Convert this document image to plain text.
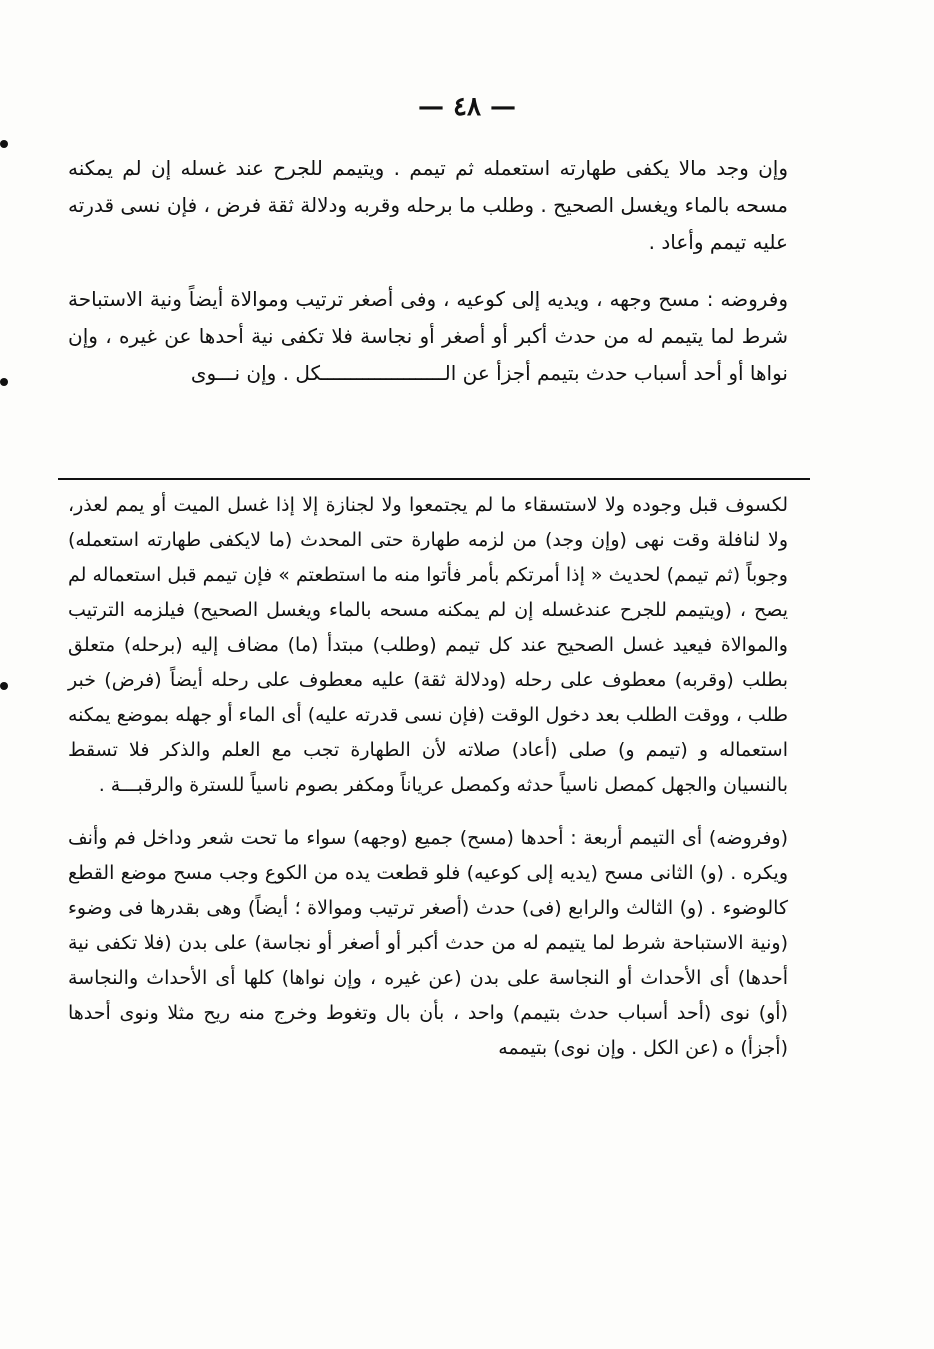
— ٤٨ —

وإن وجد مالا يكفى طهارته استعمله ثم تيمم . ويتيمم للجرح عند غسله إن لم يمكنه مسحه بالماء ويغسل الصحيح . وطلب ما برحله وقربه ودلالة ثقة فرض ، فإن نسى قدرته عليه تيمم وأعاد .

وفروضه : مسح وجهه ، ويديه إلى كوعيه ، وفى أصغر ترتيب وموالاة أيضاً ونية الاستباحة شرط لما يتيمم له من حدث أكبر أو أصغر أو نجاسة فلا تكفى نية أحدها عن غيره ، وإن نواها أو أحد أسباب حدث بتيمم أجزأ عن الـــــــــــــــــــــكل . وإن نـــوى

لكسوف قبل وجوده ولا لاستسقاء ما لم يجتمعوا ولا لجنازة إلا إذا غسل الميت أو يمم لعذر، ولا لنافلة وقت نهى (وإن وجد) من لزمه طهارة حتى المحدث (ما لايكفى طهارته استعمله) وجوباً (ثم تيمم) لحديث « إذا أمرتكم بأمر فأتوا منه ما استطعتم » فإن تيمم قبل استعماله لم يصح ، (ويتيمم للجرح عندغسله إن لم يمكنه مسحه بالماء ويغسل الصحيح) فيلزمه الترتيب والموالاة فيعيد غسل الصحيح عند كل تيمم (وطلب) مبتدأ (ما) مضاف إليه (برحله) متعلق بطلب (وقربه) معطوف على رحله (ودلالة ثقة) عليه معطوف على رحله أيضاً (فرض) خبر طلب ، ووقت الطلب بعد دخول الوقت (فإن نسى قدرته عليه) أى الماء أو جهله بموضع يمكنه استعماله و (تيمم و) صلى (أعاد) صلاته لأن الطهارة تجب مع العلم والذكر فلا تسقط بالنسيان والجهل كمصل ناسياً حدثه وكمصل عرياناً ومكفر بصوم ناسياً للسترة والرقبـــة .

(وفروضه) أى التيمم أربعة : أحدها (مسح) جميع (وجهه) سواء ما تحت شعر وداخل فم وأنف ويكره . (و) الثانى مسح (يديه إلى كوعيه) فلو قطعت يده من الكوع وجب مسح موضع القطع كالوضوء . (و) الثالث والرابع (فى) حدث (أصغر ترتيب وموالاة ؛ أيضاً) وهى بقدرها فى وضوء (ونية الاستباحة شرط لما يتيمم له من حدث أكبر أو أصغر أو نجاسة) على بدن (فلا تكفى نية أحدها) أى الأحداث أو النجاسة على بدن (عن غيره ، وإن نواها) كلها أى الأحداث والنجاسة (أو) نوى (أحد أسباب حدث بتيمم) واحد ، بأن بال وتغوط وخرج منه ريح مثلا ونوى أحدها (أجزأ) ه (عن الكل . وإن نوى) بتيممه
